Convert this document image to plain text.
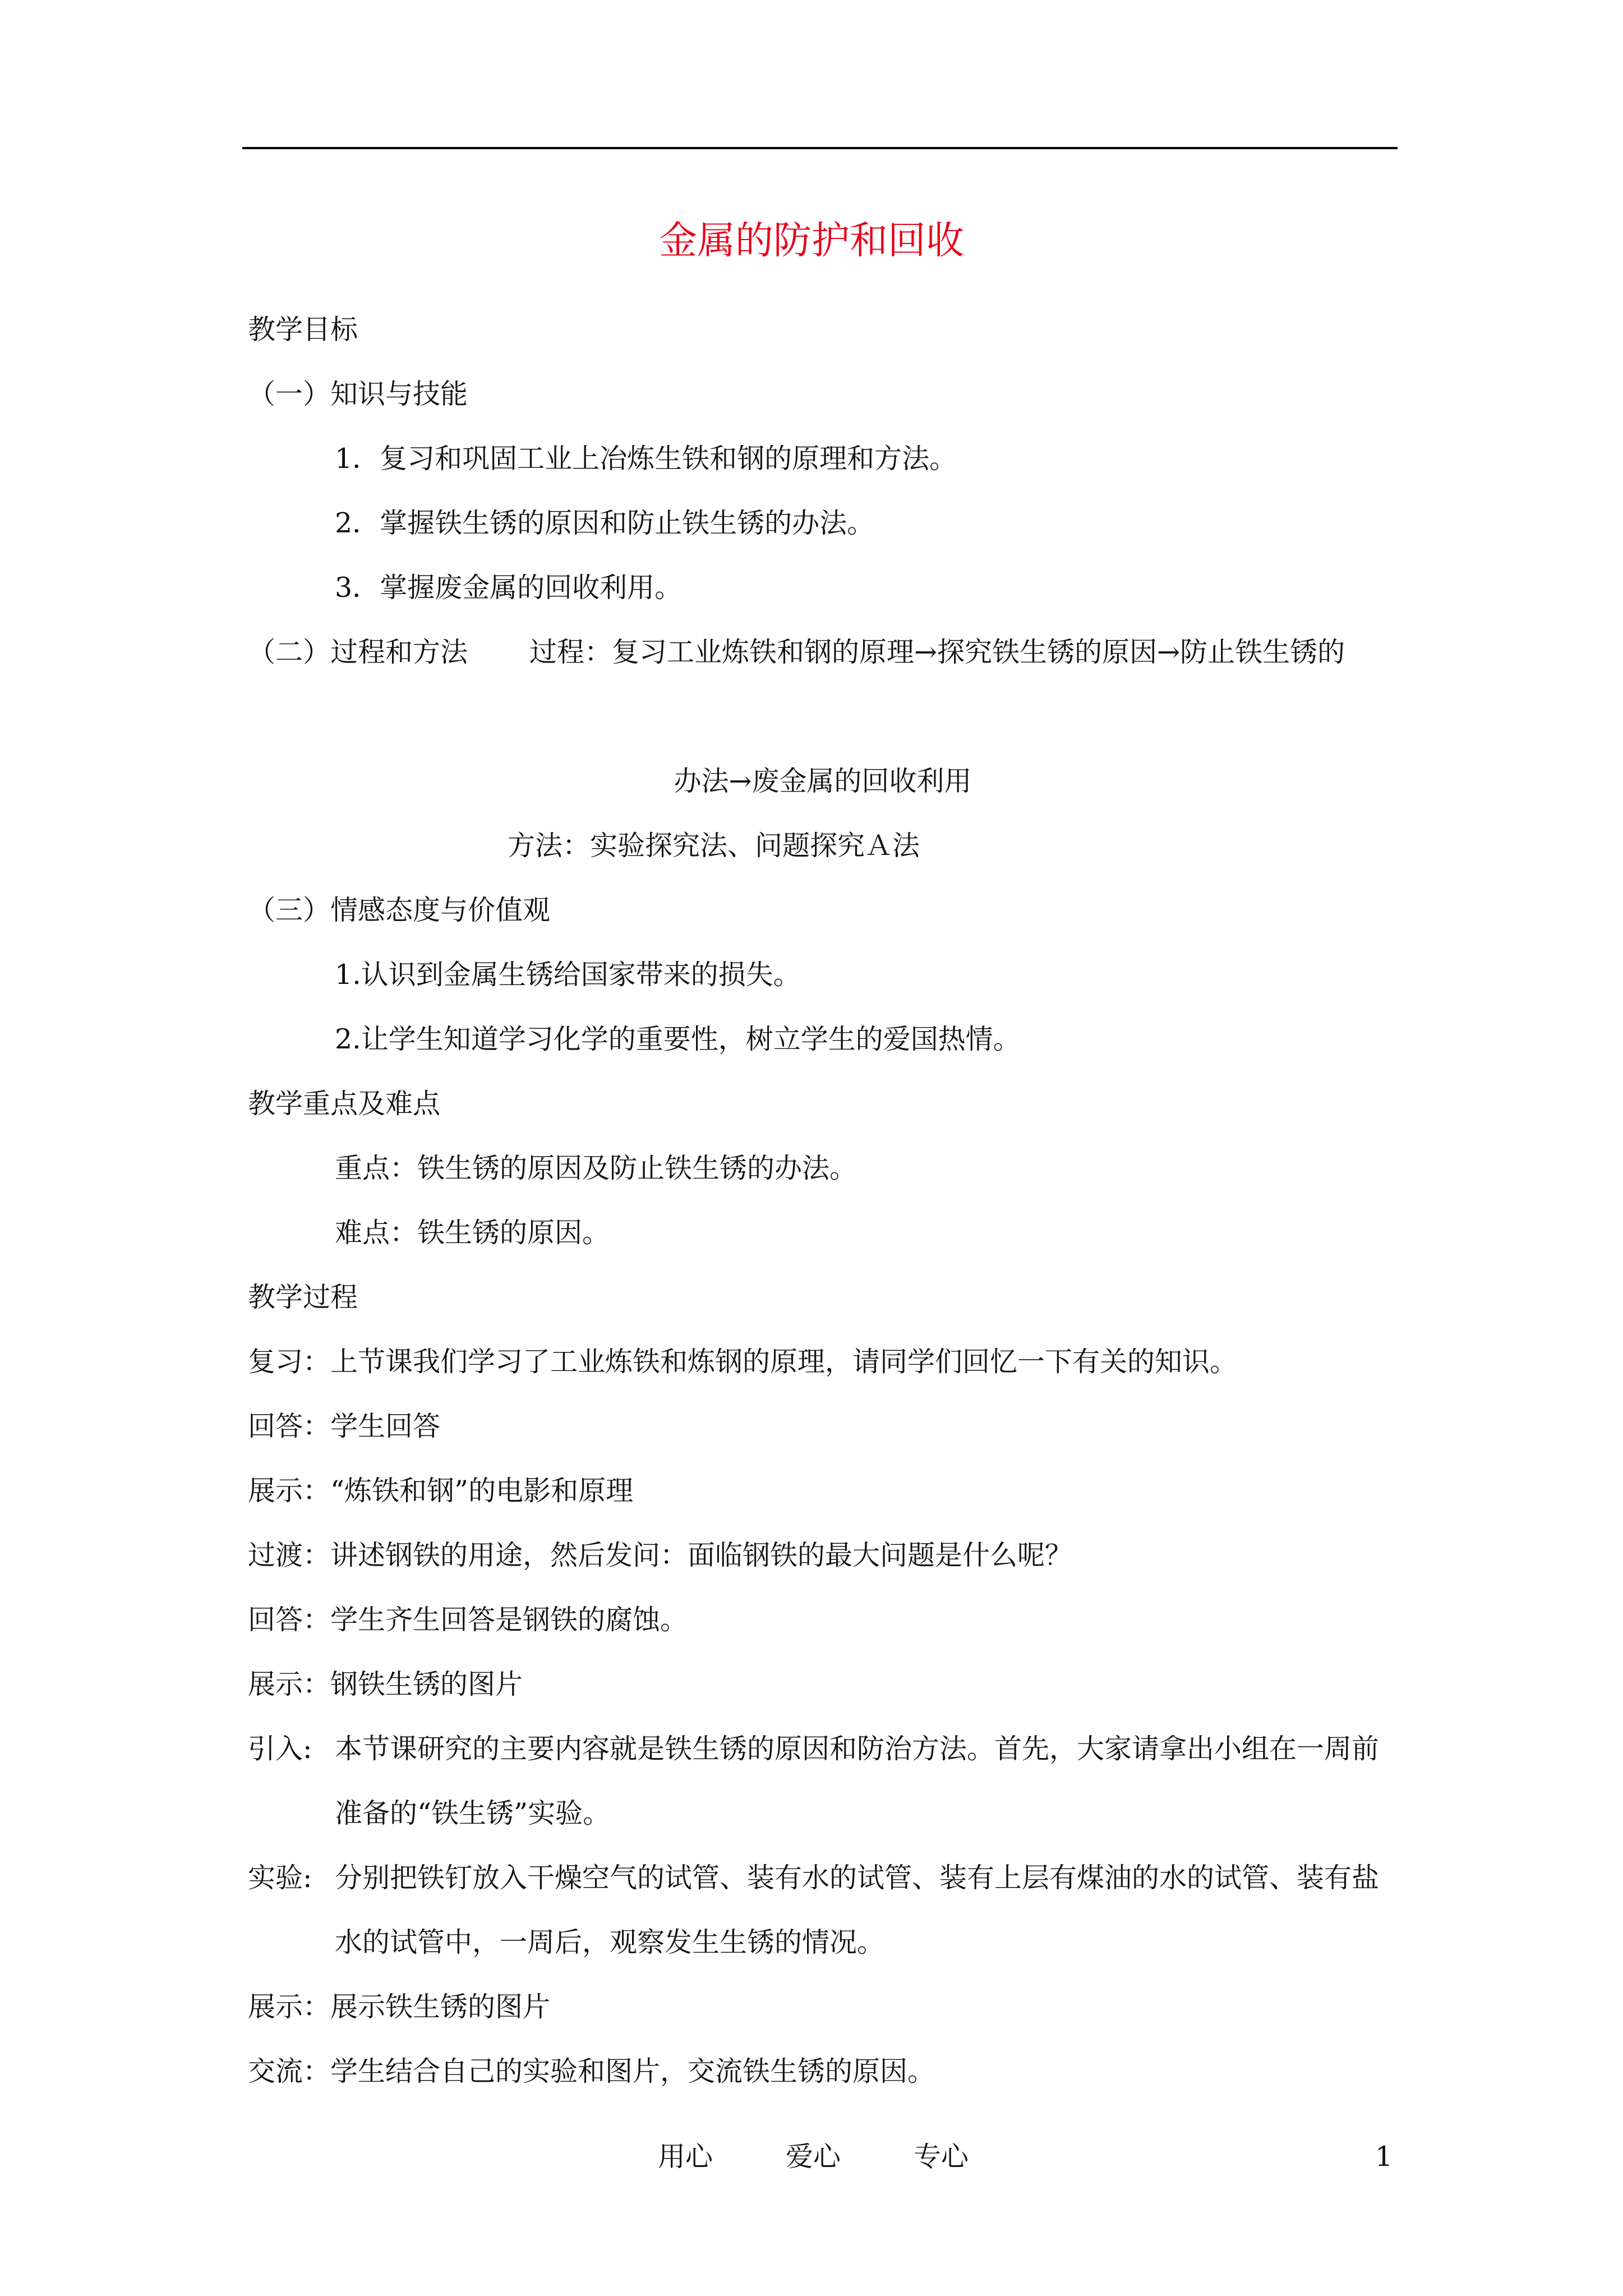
金属的防护和回收
教学目标
（一）知识与技能
1．复习和巩固工业上冶炼生铁和钢的原理和方法。
2．掌握铁生锈的原因和防止铁生锈的办法。
3．掌握废金属的回收利用。
（二）过程和方法 过程：复习工业炼铁和钢的原理→探究铁生锈的原因→防止铁生锈的
办法→废金属的回收利用
方法：实验探究法、问题探究Ａ法
（三）情感态度与价值观
1.认识到金属生锈给国家带来的损失。
2.让学生知道学习化学的重要性，树立学生的爱国热情。
教学重点及难点
重点：铁生锈的原因及防止铁生锈的办法。
难点：铁生锈的原因。
教学过程
复习：上节课我们学习了工业炼铁和炼钢的原理，请同学们回忆一下有关的知识。
回答：学生回答
展示：“炼铁和钢”的电影和原理
过渡：讲述钢铁的用途，然后发问：面临钢铁的最大问题是什么呢？
回答：学生齐生回答是钢铁的腐蚀。
展示：钢铁生锈的图片
引入: 本节课研究的主要内容就是铁生锈的原因和防治方法。首先，大家请拿出小组在一周前准备的“铁生锈”实验。
实验: 分别把铁钉放入干燥空气的试管、装有水的试管、装有上层有煤油的水的试管、装有盐水的试管中，一周后，观察发生生锈的情况。
展示：展示铁生锈的图片
交流：学生结合自己的实验和图片，交流铁生锈的原因。
用心	爱心	专心	1
